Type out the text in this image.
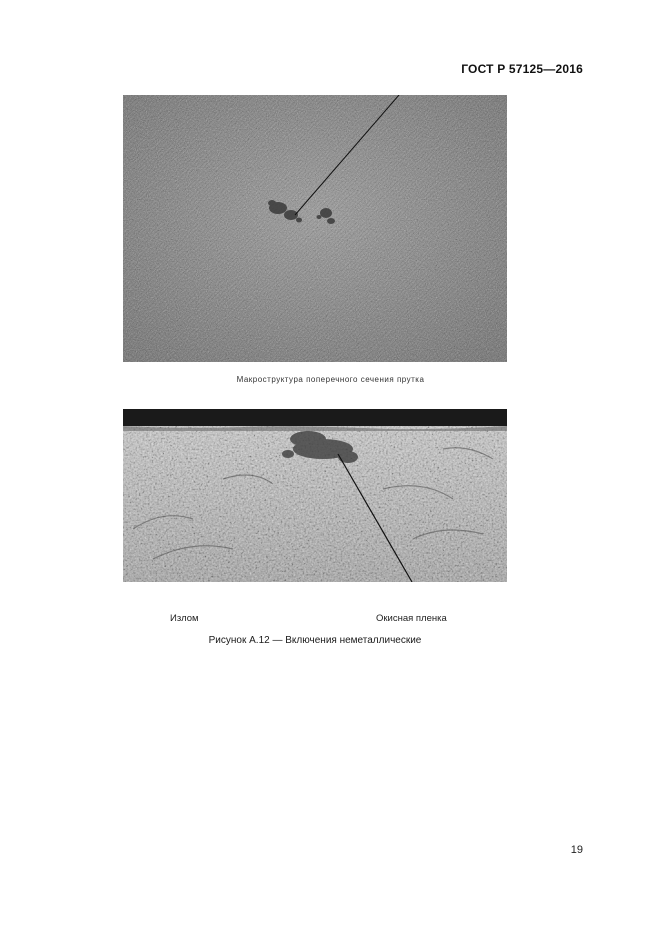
ГОСТ Р 57125—2016
Макроструктура поперечного сечения прутка
Излом	Окисная пленка
Рисунок А.12 — Включения неметаллические
19
